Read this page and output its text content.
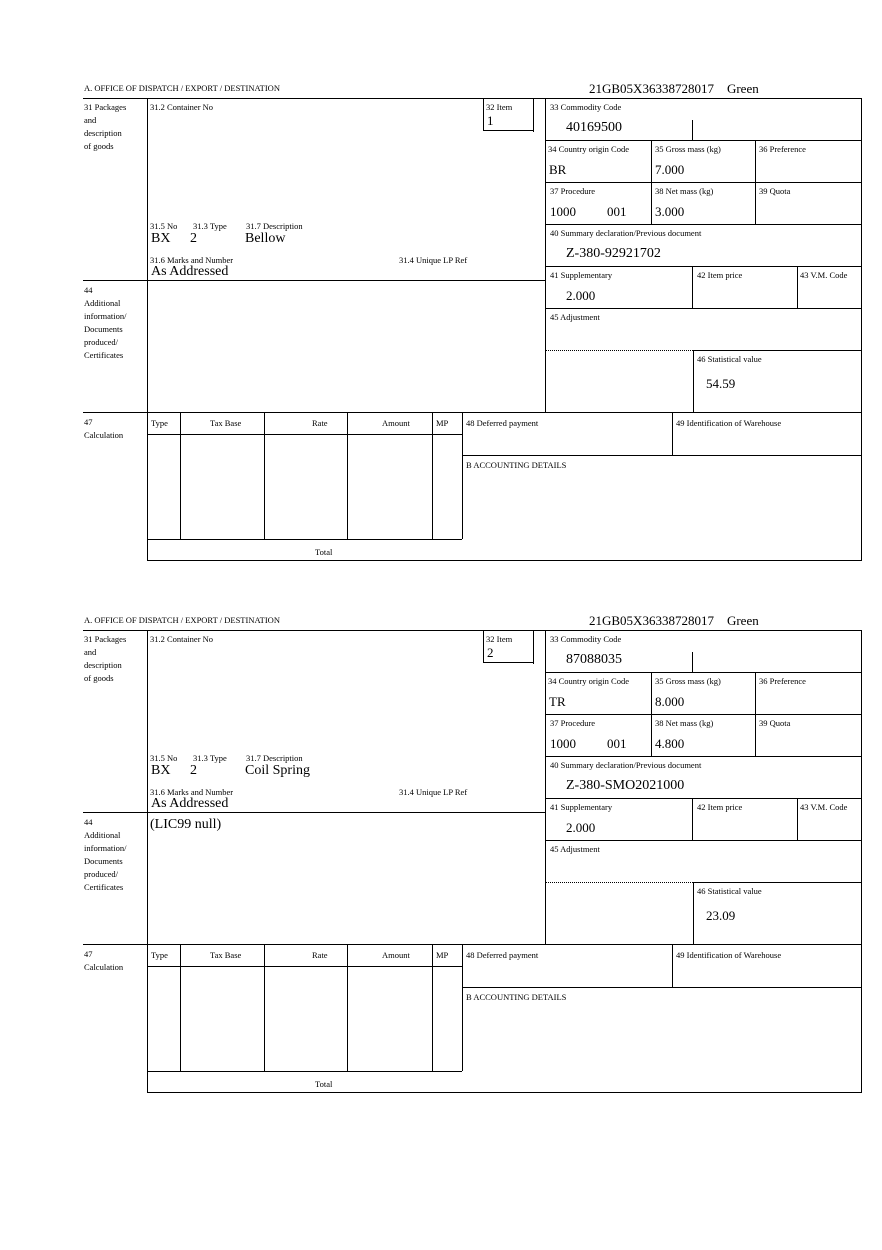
A. OFFICE OF DISPATCH / EXPORT / DESTINATION	21GB05X36338728017 Green
31 Packages
and
description
of goods
31.2 Container No	32 Item
1
33 Commodity Code
40169500
34 Country origin Code
BR
35 Gross mass (kg)
7.000
36 Preference
37 Procedure
1000 001
38 Net mass (kg)
3.000
39 Quota
40 Summary declaration/Previous document
Z-380-92921702
31.5 No 31.3 Type 31.7 Description
BX 2	Bellow
31.6 Marks and Number	31.4 Unique LP Ref
As Addressed	41 Supplementary
2.000
42 Item price	43 V.M. Code
44
Additional
information/
Documents
produced/
Certificates
45 Adjustment
46 Statistical value
54.59
47
Calculation
Type	Tax Base	Rate	Amount	MP
Total
48 Deferred payment	49 Identification of Warehouse
B ACCOUNTING DETAILS
A. OFFICE OF DISPATCH / EXPORT / DESTINATION	21GB05X36338728017 Green
31 Packages
and
description
of goods
31.2 Container No	32 Item
2
33 Commodity Code
87088035
34 Country origin Code
TR
35 Gross mass (kg)
8.000
36 Preference
37 Procedure
1000 001
38 Net mass (kg)
4.800
39 Quota
40 Summary declaration/Previous document
Z-380-SMO2021000
31.5 No 31.3 Type 31.7 Description
BX 2	Coil Spring
31.6 Marks and Number	31.4 Unique LP Ref
As Addressed	41 Supplementary
2.000
42 Item price	43 V.M. Code
44
Additional
information/
Documents
produced/
Certificates
(LIC99 null)
45 Adjustment
46 Statistical value
23.09
47
Calculation
Type	Tax Base	Rate	Amount	MP
Total
48 Deferred payment	49 Identification of Warehouse
B ACCOUNTING DETAILS
